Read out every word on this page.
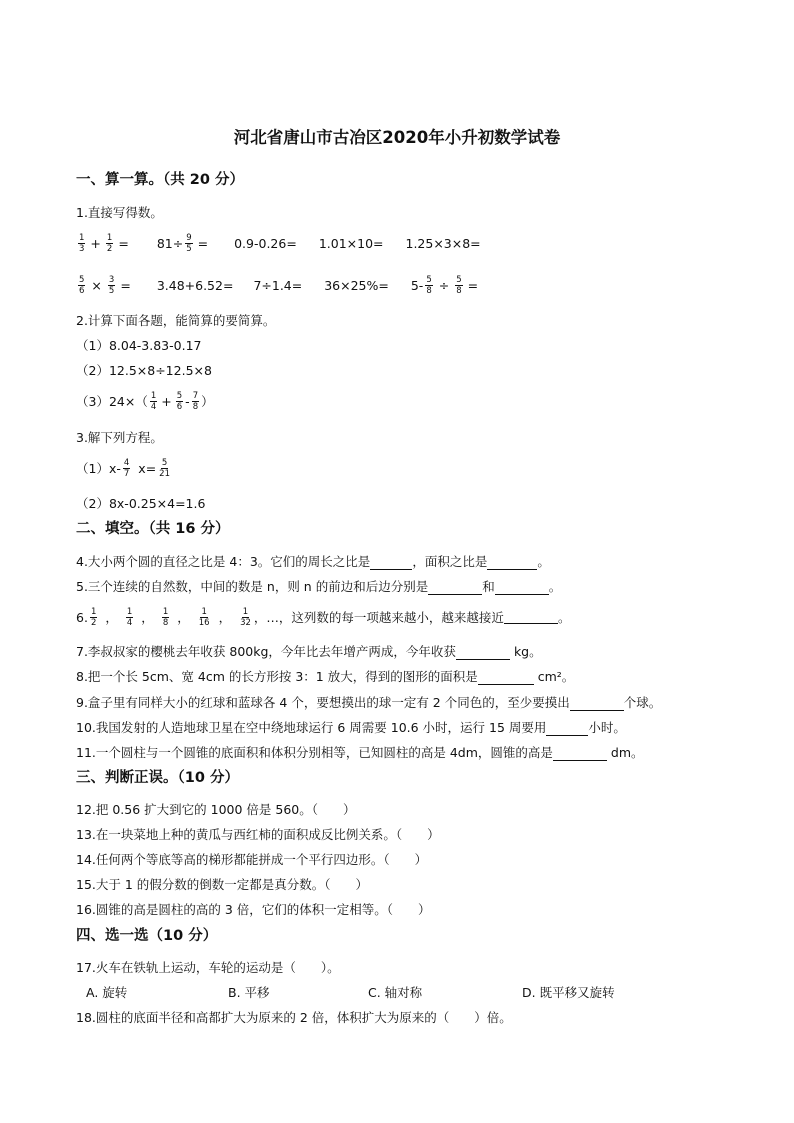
河北省唐山市古冶区2020年小升初数学试卷
一、算一算。（共 20 分）
1.直接写得数。
$\frac{1}{3} + \frac{1}{2} = 81\div \frac{9}{5} = 0.9-0.26= 1.01\times 10= 1.25\times 3\times 8=$
$\frac{5}{6} \times \frac{3}{5} = 3.48+6.52= 7\div 1.4= 36\times 25\%= 5- \frac{5}{8} \div \frac{5}{8}$ =
2.计算下面各题，能简算的要简算。
（1）8.04-3.83-0.17
（2）12.5×8÷12.5×8
$(3)24\times( \frac{1}{4} + \frac{5}{6} - \frac{7}{8}$ ）
3.解下列方程。
$(1)x- \frac{4}{7} x= \frac{5}{21}$
（2）8x-0.25×4=1.6
二、填空。（共 16 分）
4.大小两个圆的直径之比是 4：3。它们的周长之比是	，面积之比是	。
5.三个连续的自然数，中间的数是 n，则 n 的前边和后边分别是	和	。
6. $\frac{1}{2}$ ， $\frac{1}{4}$ ， $\frac{1}{8}$ ， $\frac{1}{16}$ ， $\frac{1}{32}$ ，…，这列数的每一项越来越小，越来越接近	。
7.李叔叔家的樱桃去年收获 800kg，今年比去年增产两成，今年收获	kg。
8.把一个长 5cm、宽 4cm 的长方形按 3：1 放大，得到的图形的面积是	cm²。
9.盒子里有同样大小的红球和蓝球各 4 个，要想摸出的球一定有 2 个同色的，至少要摸出	个球。
10.我国发射的人造地球卫星在空中绕地球运行 6 周需要 10.6 小时，运行 15 周要用	小时。
11.一个圆柱与一个圆锥的底面积和体积分别相等，已知圆柱的高是 4dm，圆锥的高是	dm。
三、判断正误。（10 分）
12.把 0.56 扩大到它的 1000 倍是 560。（　　）
13.在一块菜地上种的黄瓜与西红柿的面积成反比例关系。（　　）
14.任何两个等底等高的梯形都能拼成一个平行四边形。（　　）
15.大于 1 的假分数的倒数一定都是真分数。（　　）
16.圆锥的高是圆柱的高的 3 倍，它们的体积一定相等。（　　）
四、选一选（10 分）
17.火车在铁轨上运动，车轮的运动是（　　）。
A. 旋转	B. 平移	C. 轴对称	D. 既平移又旋转
18.圆柱的底面半径和高都扩大为原来的 2 倍，体积扩大为原来的（　　）倍。
